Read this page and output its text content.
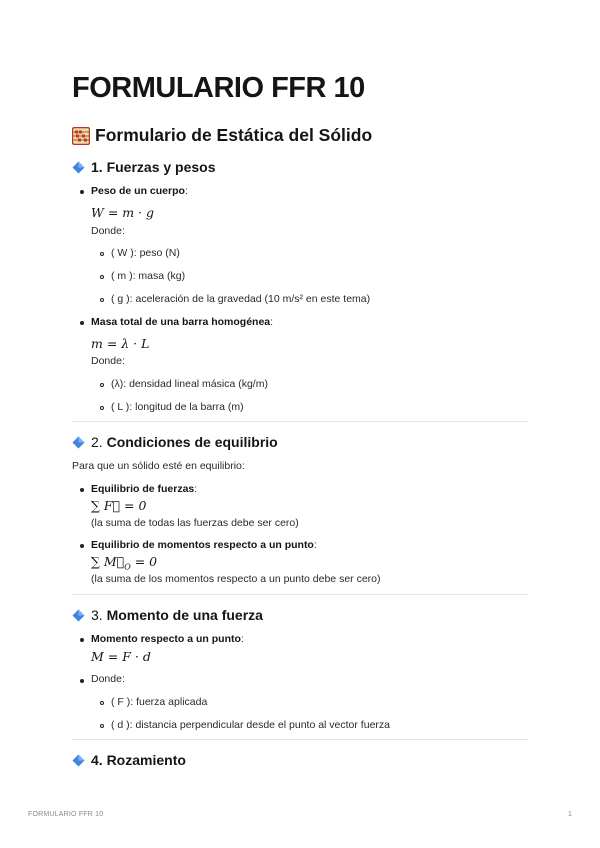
FORMULARIO FFR 10
Formulario de Estática del Sólido
1. Fuerzas y pesos
Peso de un cuerpo:
W = m · g
Donde:
( W ): peso (N)
( m ): masa (kg)
( g ): aceleración de la gravedad (10 m/s² en este tema)
Masa total de una barra homogénea:
m = λ · L
Donde:
(λ): densidad lineal másica (kg/m)
( L ): longitud de la barra (m)
2.
Condiciones de equilibrio
Para que un sólido esté en equilibrio:
Equilibrio de fuerzas:
∑ F⃗ = 0
(la suma de todas las fuerzas debe ser cero)
Equilibrio de momentos respecto a un punto:
∑ $M⃗_O = 0$
(la suma de los momentos respecto a un punto debe ser cero)
3.
Momento de una fuerza
Momento respecto a un punto:
M = F · d
Donde:
( F ): fuerza aplicada
( d ): distancia perpendicular desde el punto al vector fuerza
4. Rozamiento
FORMULARIO FFR 10	1
